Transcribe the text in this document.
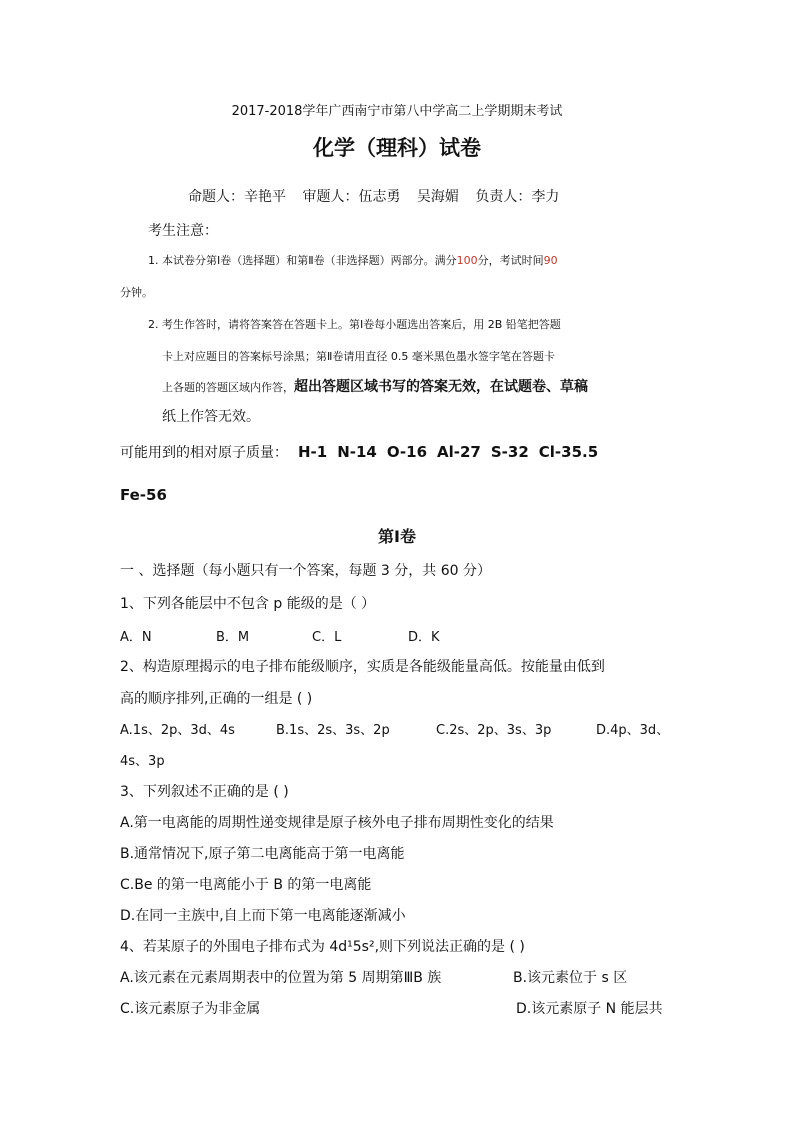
2017-2018学年广西南宁市第八中学高二上学期期末考试
化学（理科）试卷
命题人：辛艳平 审题人：伍志勇 吴海媚 负责人：李力
考生注意：
1. 本试卷分第Ⅰ卷（选择题）和第Ⅱ卷（非选择题）两部分。满分100分，考试时间90
分钟。
2. 考生作答时，请将答案答在答题卡上。第Ⅰ卷每小题选出答案后，用 2B 铅笔把答题
卡上对应题目的答案标号涂黑；第Ⅱ卷请用直径 0.5 毫米黑色墨水签字笔在答题卡
上各题的答题区域内作答，超出答题区域书写的答案无效，在试题卷、草稿
纸上作答无效。
可能用到的相对原子质量： H-1 N-14 O-16 Al-27 S-32 Cl-35.5
Fe-56
第Ⅰ卷
一 、选择题（每小题只有一个答案，每题 3 分，共 60 分）
1、下列各能层中不包含 p 能级的是（ ）
A．N	B．M	C．L	D．K
2、构造原理揭示的电子排布能级顺序，实质是各能级能量高低。按能量由低到
高的顺序排列,正确的一组是 ( )
A.1s、2p、3d、4s	B.1s、2s、3s、2p	C.2s、2p、3s、3p	D.4p、3d、
4s、3p
3、下列叙述不正确的是 ( )
A.第一电离能的周期性递变规律是原子核外电子排布周期性变化的结果
B.通常情况下,原子第二电离能高于第一电离能
C.Be 的第一电离能小于 B 的第一电离能
D.在同一主族中,自上而下第一电离能逐渐减小
4、若某原子的外围电子排布式为 4d¹5s²,则下列说法正确的是 ( )
A.该元素在元素周期表中的位置为第 5 周期第ⅢB 族	B.该元素位于 s 区
C.该元素原子为非金属	D.该元素原子 N 能层共
